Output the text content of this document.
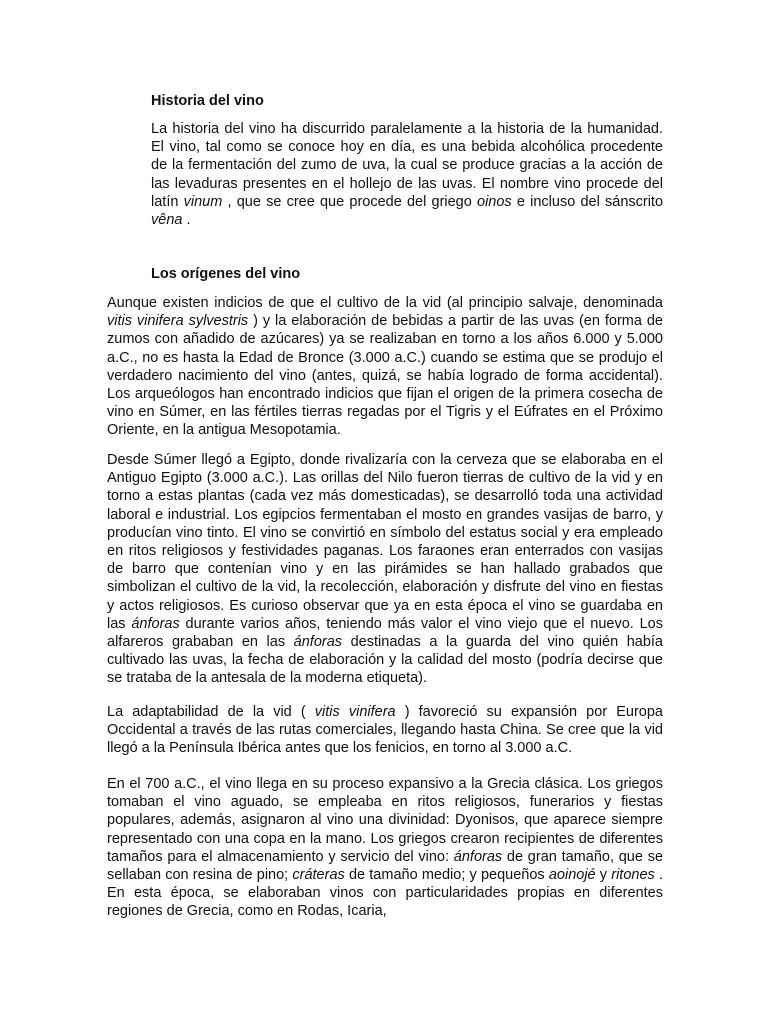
Historia del vino

La historia del vino ha discurrido paralelamente a la historia de la humanidad. El vino, tal como se conoce hoy en día, es una bebida alcohólica procedente de la fermentación del zumo de uva, la cual se produce gracias a la acción de las levaduras presentes en el hollejo de las uvas. El nombre vino procede del latín vinum , que se cree que procede del griego oinos e incluso del sánscrito vêna .

Los orígenes del vino

Aunque existen indicios de que el cultivo de la vid (al principio salvaje, denominada vitis vinifera sylvestris ) y la elaboración de bebidas a partir de las uvas (en forma de zumos con añadido de azúcares) ya se realizaban en torno a los años 6.000 y 5.000 a.C., no es hasta la Edad de Bronce (3.000 a.C.) cuando se estima que se produjo el verdadero nacimiento del vino (antes, quizá, se había logrado de forma accidental). Los arqueólogos han encontrado indicios que fijan el origen de la primera cosecha de vino en Súmer, en las fértiles tierras regadas por el Tigris y el Eúfrates en el Próximo Oriente, en la antigua Mesopotamia.

Desde Súmer llegó a Egipto, donde rivalizaría con la cerveza que se elaboraba en el Antiguo Egipto (3.000 a.C.). Las orillas del Nilo fueron tierras de cultivo de la vid y en torno a estas plantas (cada vez más domesticadas), se desarrolló toda una actividad laboral e industrial. Los egipcios fermentaban el mosto en grandes vasijas de barro, y producían vino tinto. El vino se convirtió en símbolo del estatus social y era empleado en ritos religiosos y festividades paganas. Los faraones eran enterrados con vasijas de barro que contenían vino y en las pirámides se han hallado grabados que simbolizan el cultivo de la vid, la recolección, elaboración y disfrute del vino en fiestas y actos religiosos. Es curioso observar que ya en esta época el vino se guardaba en las ánforas durante varios años, teniendo más valor el vino viejo que el nuevo. Los alfareros grababan en las ánforas destinadas a la guarda del vino quién había cultivado las uvas, la fecha de elaboración y la calidad del mosto (podría decirse que se trataba de la antesala de la moderna etiqueta).

La adaptabilidad de la vid ( vitis vinifera ) favoreció su expansión por Europa Occidental a través de las rutas comerciales, llegando hasta China. Se cree que la vid llegó a la Península Ibérica antes que los fenicios, en torno al 3.000 a.C.

En el 700 a.C., el vino llega en su proceso expansivo a la Grecia clásica. Los griegos tomaban el vino aguado, se empleaba en ritos religiosos, funerarios y fiestas populares, además, asignaron al vino una divinidad: Dyonisos, que aparece siempre representado con una copa en la mano. Los griegos crearon recipientes de diferentes tamaños para el almacenamiento y servicio del vino: ánforas de gran tamaño, que se sellaban con resina de pino; cráteras de tamaño medio; y pequeños aoinojé y ritones . En esta época, se elaboraban vinos con particularidades propias en diferentes regiones de Grecia, como en Rodas, Icaria,
